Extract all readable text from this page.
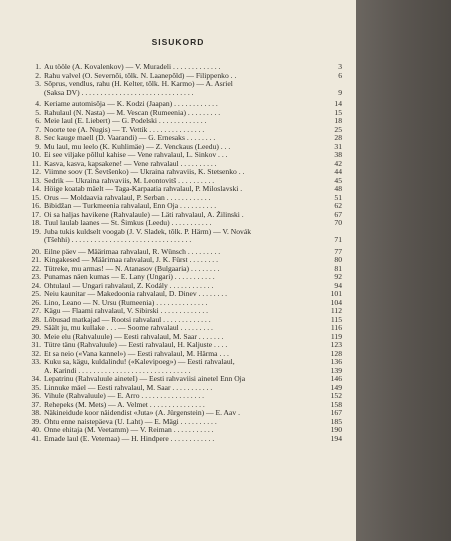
SISUKORD
1. Au tööle (A. Kovalenkov) — V. Muradeli . . . . . . . . . . . . .	3
2. Rahu valvel (O. Severnõi, tõlk. N. Laanepõld) — Filippenko . .	6
3. Sõprus, vendlus, rahu (H. Kelter, tõlk. H. Karmo) — A. Asriel
(Saksa DV) . . . . . . . . . . . . . . . . . . . . . . . . . . . . . .	9
4. Keriame automisõja — K. Kodzi (Jaapan) . . . . . . . . . . . .	14
5. Rahulaul (N. Nasta) — M. Vescan (Rumeenia) . . . . . . . . .	15
6. Meie laul (E. Liebert) — G. Podelski . . . . . . . . . . . . .	18
7. Noorte tee (A. Nugis) — T. Vettik . . . . . . . . . . . . . . .	25
8. Sec kauge maell (D. Vaarandi) — G. Ernesaks . . . . . . . .	28
9. Mu laul, mu leelo (K. Kuhlimäe) — Z. Venckaus (Leedu) . . .	31
10. Ei see viljake põllul kahise — Vene rahvalaul, L. Sinkov . . .	38
11. Kasva, kasva, kapsakene! — Vene rahvalaul . . . . . . . . . .	42
12. Viimne soov (T. Ševtšenko) — Ukraina rahvaviis, K. Stetsenko . .	44
13. Sedrik — Ukraina rahvaviis, M. Leontovitš . . . . . . . . . .	45
14. Höige koatab mäelt — Taga-Karpaatia rahvalaul, P. Miloslavski .	48
15. Orus — Moldaavia rahvalaul, P. Serban . . . . . . . . . . . .	51
16. Bibidžan — Turkmeenia rahvalaul, Enn Oja . . . . . . . . . .	62
17. Oi sa haljas havikene (Rahvalaule) — Läti rahvalaul, A. Žilinski .	67
18. Tuul laulab laanes — St. Šimkus (Leedu) . . . . . . . . . . .	70
19. Juba tukis kuldselt voogab (J. V. Sladek, tõlk. P. Härm) — V. Novák
(Tšehhi) . . . . . . . . . . . . . . . . . . . . . . . . . . . . . . . .	71
20. Eilne päev — Määrimaa rahvalaul, R. Wünsch . . . . . . . . .	77
21. Kingakesed — Määrimaa rahvalaul, J. K. Fürst . . . . . . . .	80
22. Tütreke, mu armas! — N. Atanasov (Bulgaaria) . . . . . . . .	81
23. Punamas näen kumas — E. Lany (Ungari) . . . . . . . . . . .	92
24. Ohtulaul — Ungari rahvalaul, Z. Kodály . . . . . . . . . . . .	94
25. Neiu kaunitar — Makedoonia rahvalaul, D. Dinev . . . . . . . .	101
26. Lino, Leano — N. Ursu (Rumeenia) . . . . . . . . . . . . . .	104
27. Kägu — Flaami rahvalaul, V. Sibirski . . . . . . . . . . . . .	112
28. Lõbusad matkajad — Rootsi rahvalaul . . . . . . . . . . . . .	115
29. Säält ju, mu kullake . . . — Soome rahvalaul . . . . . . . . .	116
30. Meie elu (Rahvaluule) — Eesti rahvalaul, M. Saar . . . . . . .	119
31. Tütre tänu (Rahvaluule) — Eesti rahvalaul, H. Kaljuste . . . .	123
32. Et sa neio («Vana kannel») — Eesti rahvalaul, M. Härma . . .	128
33. Kuku sa, kägu, kuldalindu! («Kalevipoeg») — Eesti rahvalaul,	136
A. Karindi . . . . . . . . . . . . . . . . . . . . . . . . . . . . . .	139
34. Lepatrinu (Rahvaluule aineteI) — Eesti rahvaviisi ainetel Enn Oja	146
35. Linnuke mäel — Eesti rahvalaul, M. Saar . . . . . . . . . . .	149
36. Vihule (Rahvaluule) — E. Arro . . . . . . . . . . . . . . . . .	152
37. Rehepeks (M. Mets) — A. Velmet . . . . . . . . . . . . . . .	158
38. Näkineidude koor näidendist «Juta» (A. Jürgenstein) — E. Aav .	167
39. Õhtu enne naistepäeva (U. Laht) — E. Mägi . . . . . . . . . .	185
40. Onne ehitaja (M. Veetamm) — V. Reiman . . . . . . . . . . .	190
41. Emade laul (E. Vetemaa) — H. Hindpere . . . . . . . . . . . .	194
